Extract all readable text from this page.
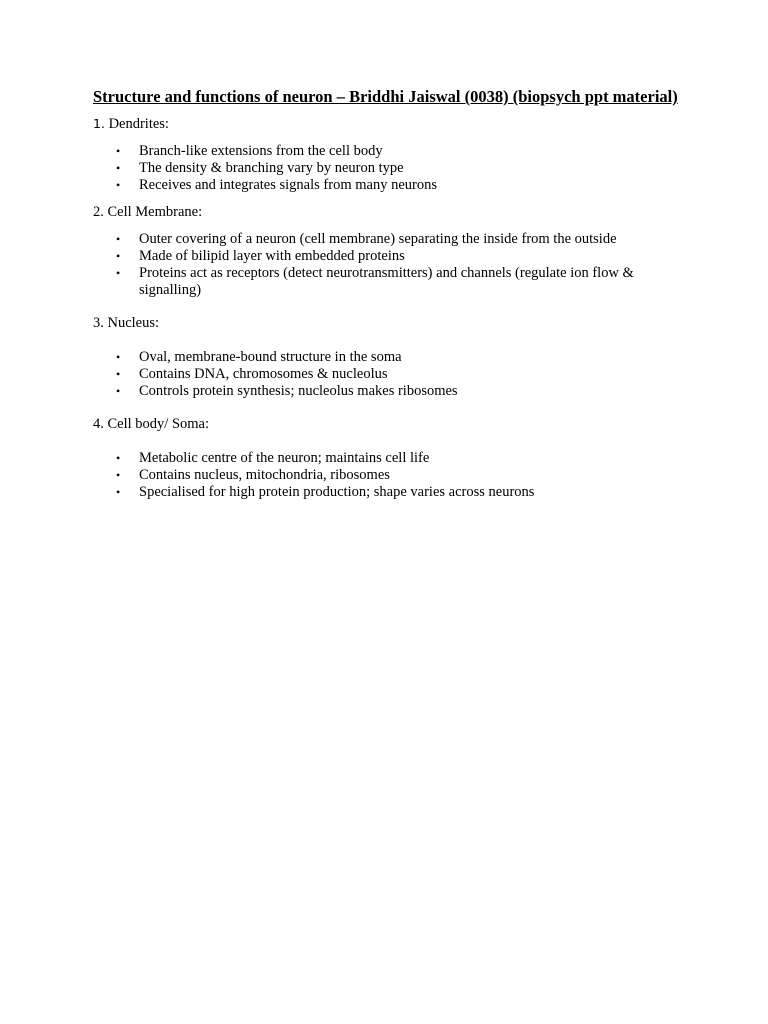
Structure and functions of neuron – Briddhi Jaiswal (0038) (biopsych ppt material)
1. Dendrites:
• Branch-like extensions from the cell body
• The density & branching vary by neuron type
• Receives and integrates signals from many neurons
2. Cell Membrane:
• Outer covering of a neuron (cell membrane) separating the inside from the outside
• Made of bilipid layer with embedded proteins
• Proteins act as receptors (detect neurotransmitters) and channels (regulate ion flow & signalling)
3. Nucleus:
• Oval, membrane-bound structure in the soma
• Contains DNA, chromosomes & nucleolus
• Controls protein synthesis; nucleolus makes ribosomes
4. Cell body/ Soma:
• Metabolic centre of the neuron; maintains cell life
• Contains nucleus, mitochondria, ribosomes
• Specialised for high protein production; shape varies across neurons
